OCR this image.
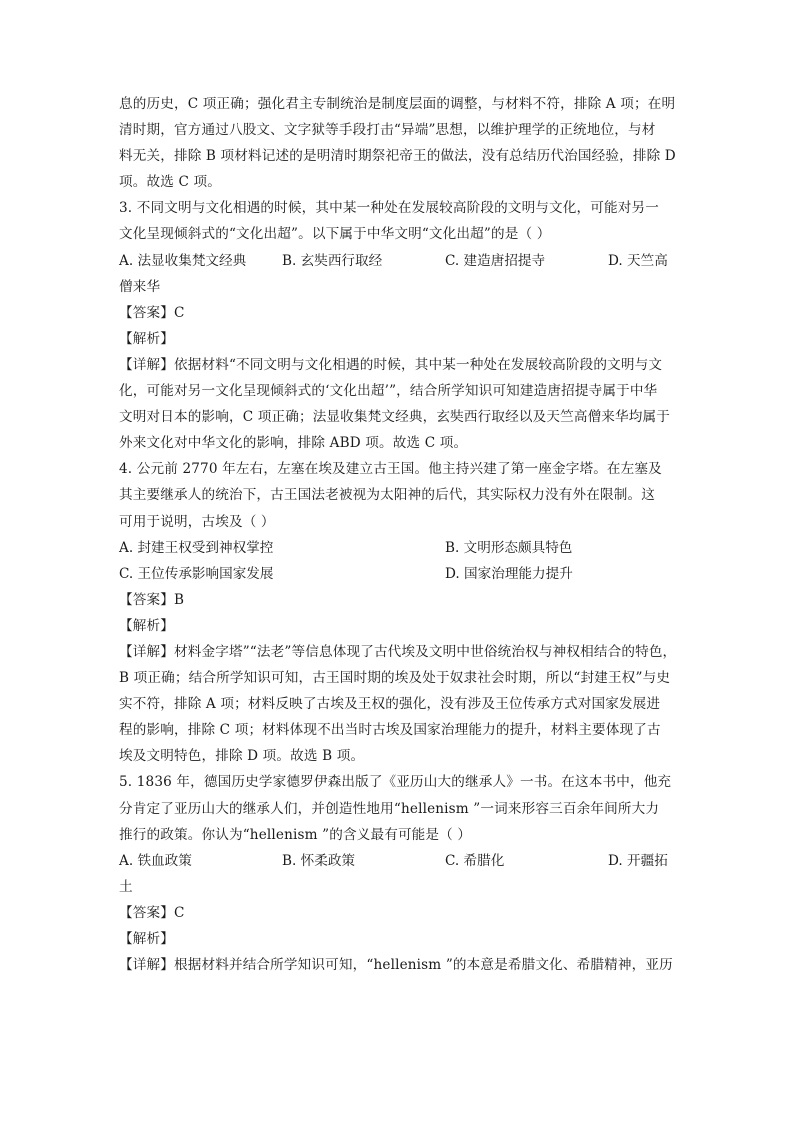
息的历史，C 项正确；强化君主专制统治是制度层面的调整，与材料不符，排除 A 项；在明
清时期，官方通过八股文、文字狱等手段打击“异端”思想，以维护理学的正统地位，与材
料无关，排除 B 项材料记述的是明清时期祭祀帝王的做法，没有总结历代治国经验，排除 D
项。故选 C 项。
3. 不同文明与文化相遇的时候，其中某一种处在发展较高阶段的文明与文化，可能对另一
文化呈现倾斜式的“文化出超”。以下属于中华文明“文化出超”的是（ ）
A. 法显收集梵文经典	B. 玄奘西行取经	C. 建造唐招提寺	D. 天竺高
僧来华
【答案】C
【解析】
【详解】依据材料“不同文明与文化相遇的时候，其中某一种处在发展较高阶段的文明与文
化，可能对另一文化呈现倾斜式的‘文化出超’”，结合所学知识可知建造唐招提寺属于中华
文明对日本的影响，C 项正确；法显收集梵文经典，玄奘西行取经以及天竺高僧来华均属于
外来文化对中华文化的影响，排除 ABD 项。故选 C 项。
4. 公元前 2770 年左右，左塞在埃及建立古王国。他主持兴建了第一座金字塔。在左塞及
其主要继承人的统治下，古王国法老被视为太阳神的后代，其实际权力没有外在限制。这
可用于说明，古埃及（ ）
A. 封建王权受到神权掌控	B. 文明形态颇具特色
C. 王位传承影响国家发展	D. 国家治理能力提升
【答案】B
【解析】
【详解】材料金字塔”“法老”等信息体现了古代埃及文明中世俗统治权与神权相结合的特色，
B 项正确；结合所学知识可知，古王国时期的埃及处于奴隶社会时期，所以“封建王权”与史
实不符，排除 A 项；材料反映了古埃及王权的强化，没有涉及王位传承方式对国家发展进
程的影响，排除 C 项；材料体现不出当时古埃及国家治理能力的提升，材料主要体现了古
埃及文明特色，排除 D 项。故选 B 项。
5. 1836 年，德国历史学家德罗伊森出版了《亚历山大的继承人》一书。在这本书中，他充
分肯定了亚历山大的继承人们，并创造性地用“hellenism ”一词来形容三百余年间所大力
推行的政策。你认为“hellenism ”的含义最有可能是（ ）
A. 铁血政策	B. 怀柔政策	C. 希腊化	D. 开疆拓
土
【答案】C
【解析】
【详解】根据材料并结合所学知识可知，“hellenism ”的本意是希腊文化、希腊精神，亚历
